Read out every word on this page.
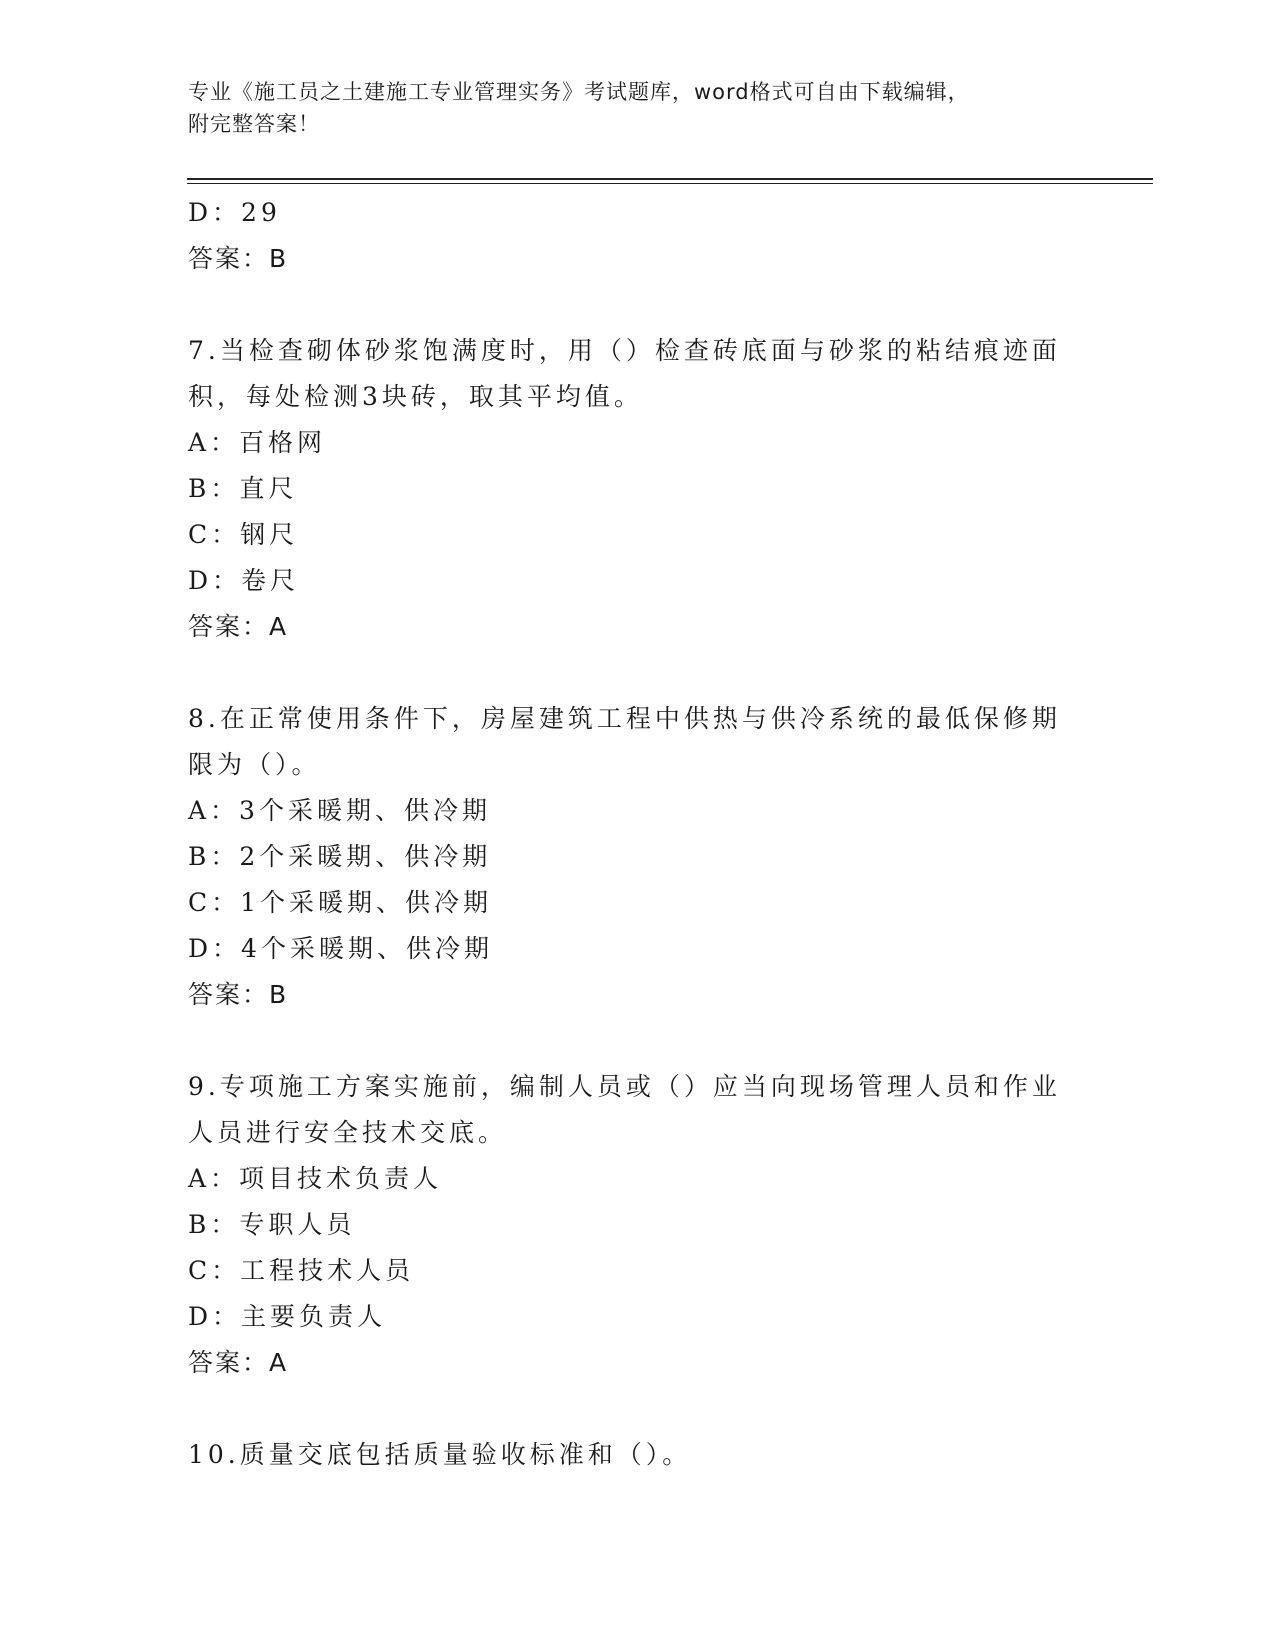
专业《施工员之土建施工专业管理实务》考试题库，word格式可自由下载编辑，
附完整答案！
D：29
答案：B
7.当检查砌体砂浆饱满度时，用（）检查砖底面与砂浆的粘结痕迹面
积，每处检测3块砖，取其平均值。
A：百格网
B：直尺
C：钢尺
D：卷尺
答案：A
8.在正常使用条件下，房屋建筑工程中供热与供冷系统的最低保修期
限为（）。
A：3个采暖期、供冷期
B：2个采暖期、供冷期
C：1个采暖期、供冷期
D：4个采暖期、供冷期
答案：B
9.专项施工方案实施前，编制人员或（）应当向现场管理人员和作业
人员进行安全技术交底。
A：项目技术负责人
B：专职人员
C：工程技术人员
D：主要负责人
答案：A
10.质量交底包括质量验收标准和（）。
